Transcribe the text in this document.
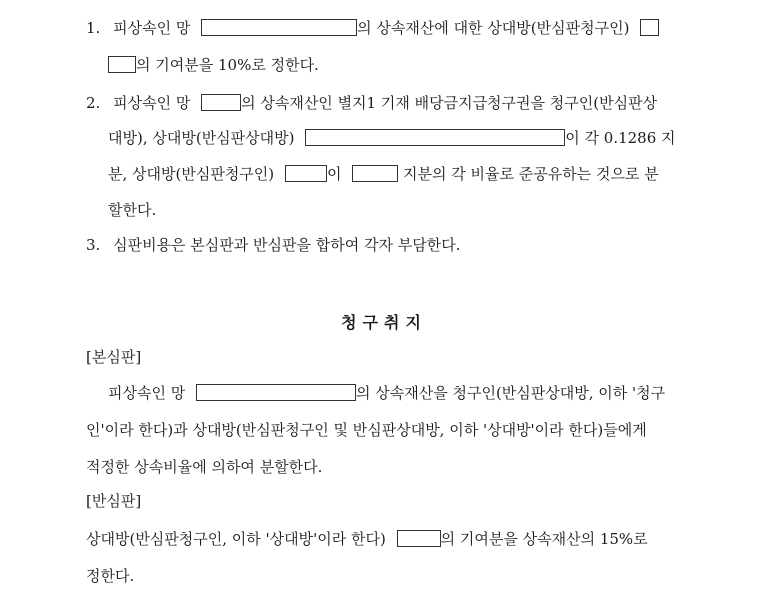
1. 피상속인 망	의 상속재산에 대한 상대방(반심판청구인)
의 기여분을 10%로 정한다.
2. 피상속인 망	의 상속재산인 별지1 기재 배당금지급청구권을 청구인(반심판상
대방), 상대방(반심판상대방)	이 각 0.1286 지
분, 상대방(반심판청구인)	이	지분의 각 비율로 준공유하는 것으로 분
할한다.
3. 심판비용은 본심판과 반심판을 합하여 각자 부담한다.
청구취지
[본심판]
피상속인 망	의 상속재산을 청구인(반심판상대방, 이하 '청구
인'이라 한다)과 상대방(반심판청구인 및 반심판상대방, 이하 '상대방'이라 한다)들에게
적정한 상속비율에 의하여 분할한다.
[반심판]
상대방(반심판청구인, 이하 '상대방'이라 한다)	의 기여분을 상속재산의 15%로
정한다.
